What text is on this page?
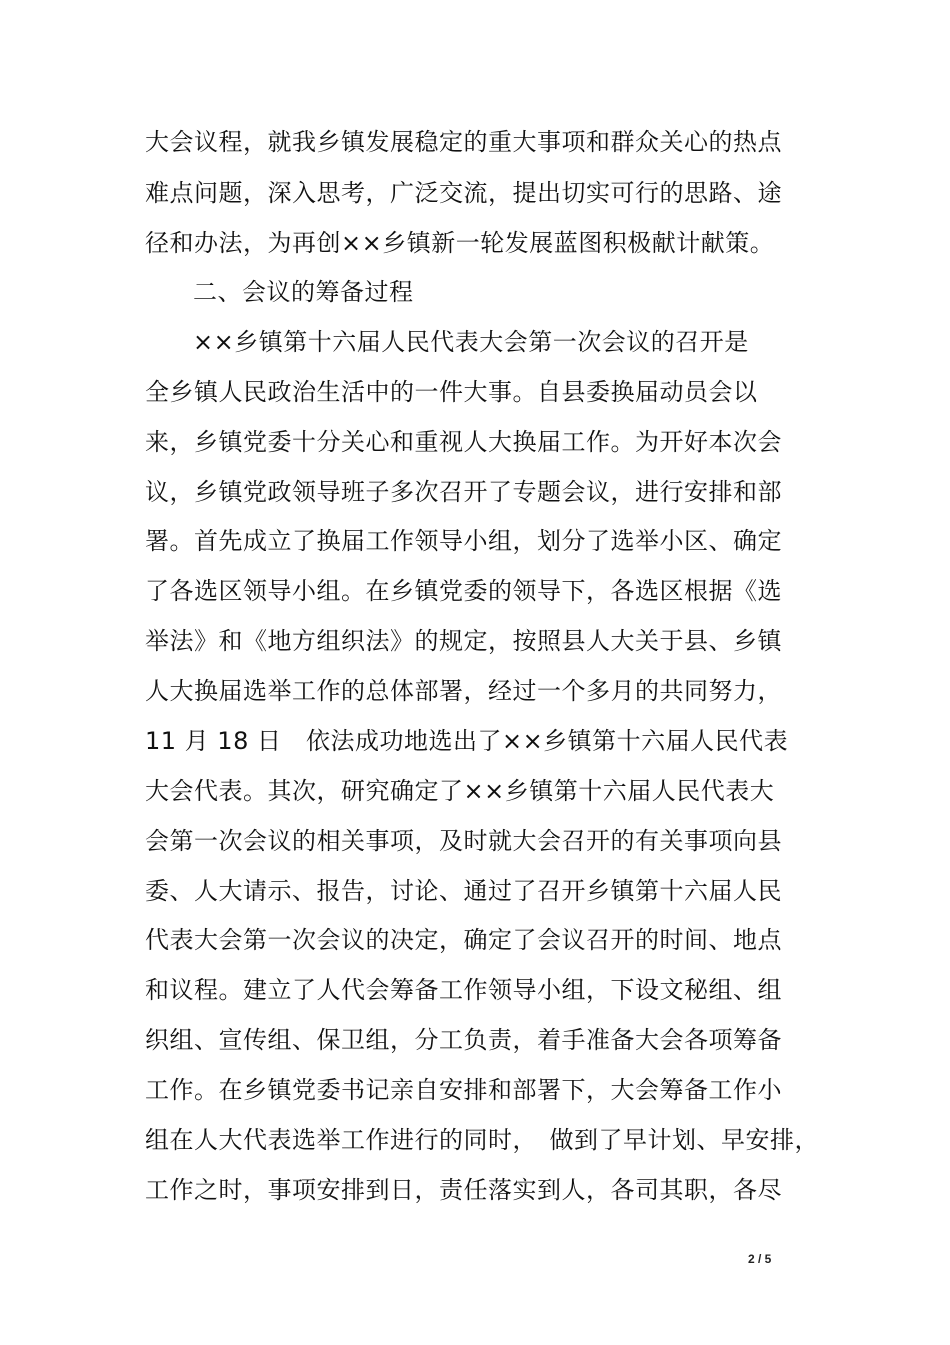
大会议程，就我乡镇发展稳定的重大事项和群众关心的热点
难点问题，深入思考，广泛交流，提出切实可行的思路、途
径和办法，为再创××乡镇新一轮发展蓝图积极献计献策。
二、会议的筹备过程
××乡镇第十六届人民代表大会第一次会议的召开是
全乡镇人民政治生活中的一件大事。自县委换届动员会以
来，乡镇党委十分关心和重视人大换届工作。为开好本次会
议，乡镇党政领导班子多次召开了专题会议，进行安排和部
署。首先成立了换届工作领导小组，划分了选举小区、确定
了各选区领导小组。在乡镇党委的领导下，各选区根据《选
举法》和《地方组织法》的规定，按照县人大关于县、乡镇
人大换届选举工作的总体部署，经过一个多月的共同努力，
11 月 18 日　依法成功地选出了××乡镇第十六届人民代表
大会代表。其次，研究确定了××乡镇第十六届人民代表大
会第一次会议的相关事项，及时就大会召开的有关事项向县
委、人大请示、报告，讨论、通过了召开乡镇第十六届人民
代表大会第一次会议的决定，确定了会议召开的时间、地点
和议程。建立了人代会筹备工作领导小组，下设文秘组、组
织组、宣传组、保卫组，分工负责，着手准备大会各项筹备
工作。在乡镇党委书记亲自安排和部署下，大会筹备工作小
组在人大代表选举工作进行的同时，　做到了早计划、早安排，
工作之时，事项安排到日，责任落实到人，各司其职，各尽
2 / 5
